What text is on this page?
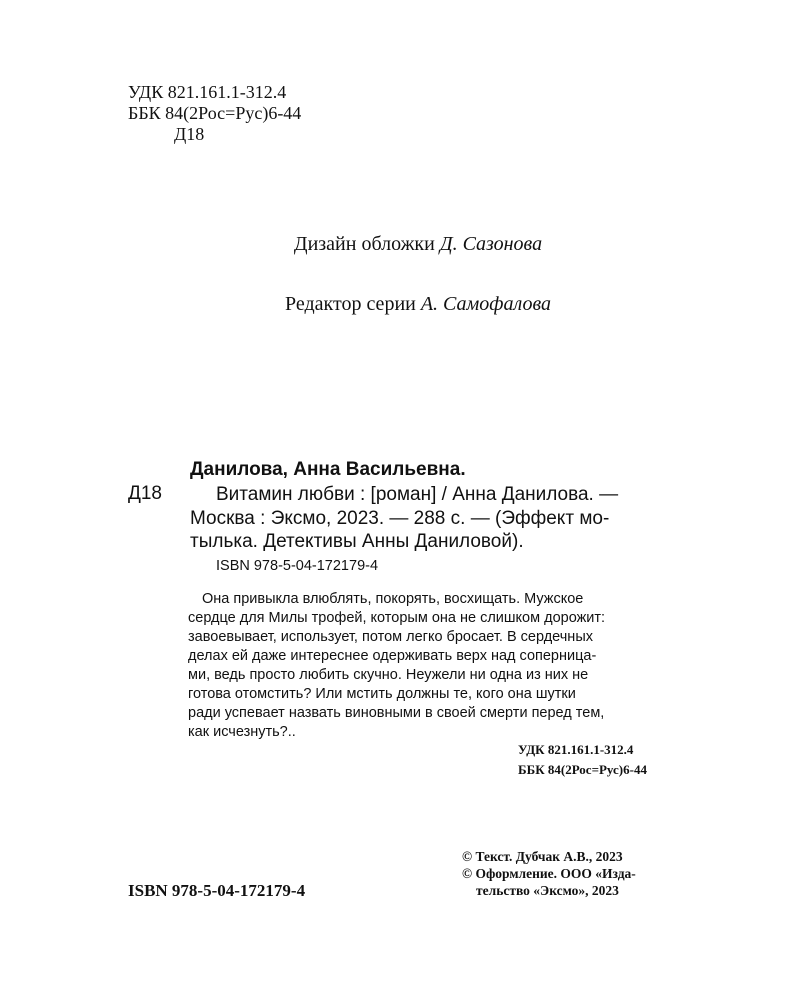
УДК 821.161.1-312.4
ББК 84(2Рос=Рус)6-44
Д18
Дизайн обложки Д. Сазонова
Редактор серии А. Самофалова
Данилова, Анна Васильевна.
Д18	Витамин любви : [роман] / Анна Данилова. —
Москва : Эксмо, 2023. — 288 с. — (Эффект мо-
тылька. Детективы Анны Даниловой).
ISBN 978-5-04-172179-4
Она привыкла влюблять, покорять, восхищать. Мужское
сердце для Милы трофей, которым она не слишком дорожит:
завоевывает, использует, потом легко бросает. В сердечных
делах ей даже интереснее одерживать верх над соперница-
ми, ведь просто любить скучно. Неужели ни одна из них не
готова отомстить? Или мстить должны те, кого она шутки
ради успевает назвать виновными в своей смерти перед тем,
как исчезнуть?..
УДК 821.161.1-312.4
ББК 84(2Рос=Рус)6-44
© Текст. Дубчак А.В., 2023
© Оформление. ООО «Изда-
тельство «Эксмо», 2023
ISBN 978-5-04-172179-4
